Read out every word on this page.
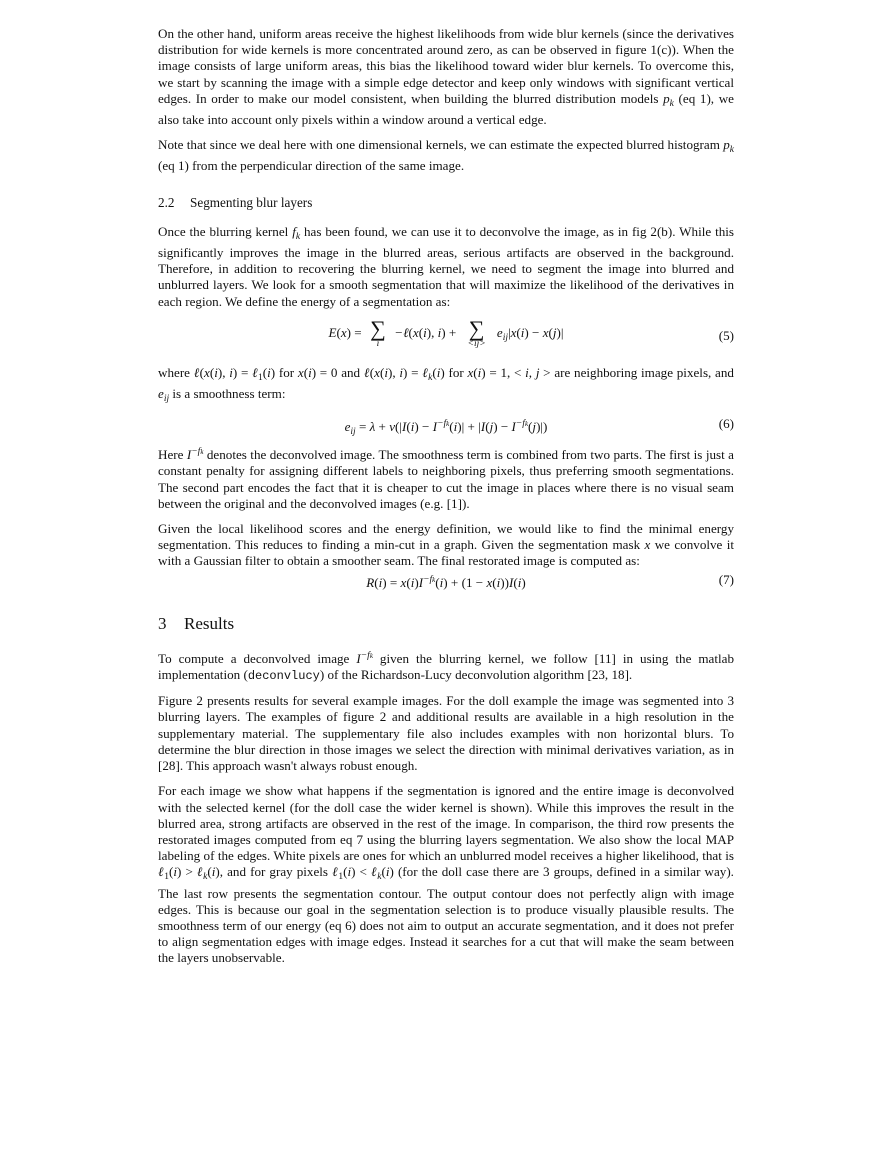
On the other hand, uniform areas receive the highest likelihoods from wide blur kernels (since the derivatives distribution for wide kernels is more concentrated around zero, as can be observed in figure 1(c)). When the image consists of large uniform areas, this bias the likelihood toward wider blur kernels. To overcome this, we start by scanning the image with a simple edge detector and keep only windows with significant vertical edges. In order to make our model consistent, when building the blurred distribution models $p_k$ (eq 1), we also take into account only pixels within a window around a vertical edge.

Note that since we deal here with one dimensional kernels, we can estimate the expected blurred histogram $p_k$ (eq 1) from the perpendicular direction of the same image.

2.2 Segmenting blur layers

Once the blurring kernel $f_k$ has been found, we can use it to deconvolve the image, as in fig 2(b). While this significantly improves the image in the blurred areas, serious artifacts are observed in the background. Therefore, in addition to recovering the blurring kernel, we need to segment the image into blurred and unblurred layers. We look for a smooth segmentation that will maximize the likelihood of the derivatives in each region. We define the energy of a segmentation as:

E(x) = ∑
i
−ℓ(x(i), i) + ∑
<ij>
$e_{ij}|x(i) - x(j)|$	(5)

where ℓ(x(i), i) = ℓ$_1$(i) for x(i) = 0 and ℓ(x(i), i) = ℓ$_k$(i) for x(i) = 1, < i, j > are neighboring image pixels, and $e_{ij}$ is a smoothness term:

$e_{ij} = \lambda + \nu(|I(i) - I^{-fk}(i)| + |I(j) - I^{-fk}(j)|)$	(6)

Here $I^{-fk}$ denotes the deconvolved image. The smoothness term is combined from two parts. The first is just a constant penalty for assigning different labels to neighboring pixels, thus preferring smooth segmentations. The second part encodes the fact that it is cheaper to cut the image in places where there is no visual seam between the original and the deconvolved images (e.g. [1]).

Given the local likelihood scores and the energy definition, we would like to find the minimal energy segmentation. This reduces to finding a min-cut in a graph. Given the segmentation mask x we convolve it with a Gaussian filter to obtain a smoother seam. The final restorated image is computed as:

$R(i) = x(i)I^{-fk}(i) + (1 - x(i))I(i)$	(7)
3 Results

To compute a deconvolved image $I^{-fk}$ given the blurring kernel, we follow [11] in using the matlab implementation (deconvlucy) of the Richardson-Lucy deconvolution algorithm [23, 18].

Figure 2 presents results for several example images. For the doll example the image was segmented into 3 blurring layers. The examples of figure 2 and additional results are available in a high resolution in the supplementary material. The supplementary file also includes examples with non horizontal blurs. To determine the blur direction in those images we select the direction with minimal derivatives variation, as in [28]. This approach wasn't always robust enough.

For each image we show what happens if the segmentation is ignored and the entire image is deconvolved with the selected kernel (for the doll case the wider kernel is shown). While this improves the result in the blurred area, strong artifacts are observed in the rest of the image. In comparison, the third row presents the restorated images computed from eq 7 using the blurring layers segmentation. We also show the local MAP labeling of the edges. White pixels are ones for which an unblurred model receives a higher likelihood, that is ℓ$_1$(i) > ℓ$_k$(i), and for gray pixels ℓ$_1$(i) < ℓ$_k$(i) (for the doll case there are 3 groups, defined in a similar way). The last row presents the segmentation contour. The output contour does not perfectly align with image edges. This is because our goal in the segmentation selection is to produce visually plausible results. The smoothness term of our energy (eq 6) does not aim to output an accurate segmentation, and it does not prefer to align segmentation edges with image edges. Instead it searches for a cut that will make the seam between the layers unobservable.
